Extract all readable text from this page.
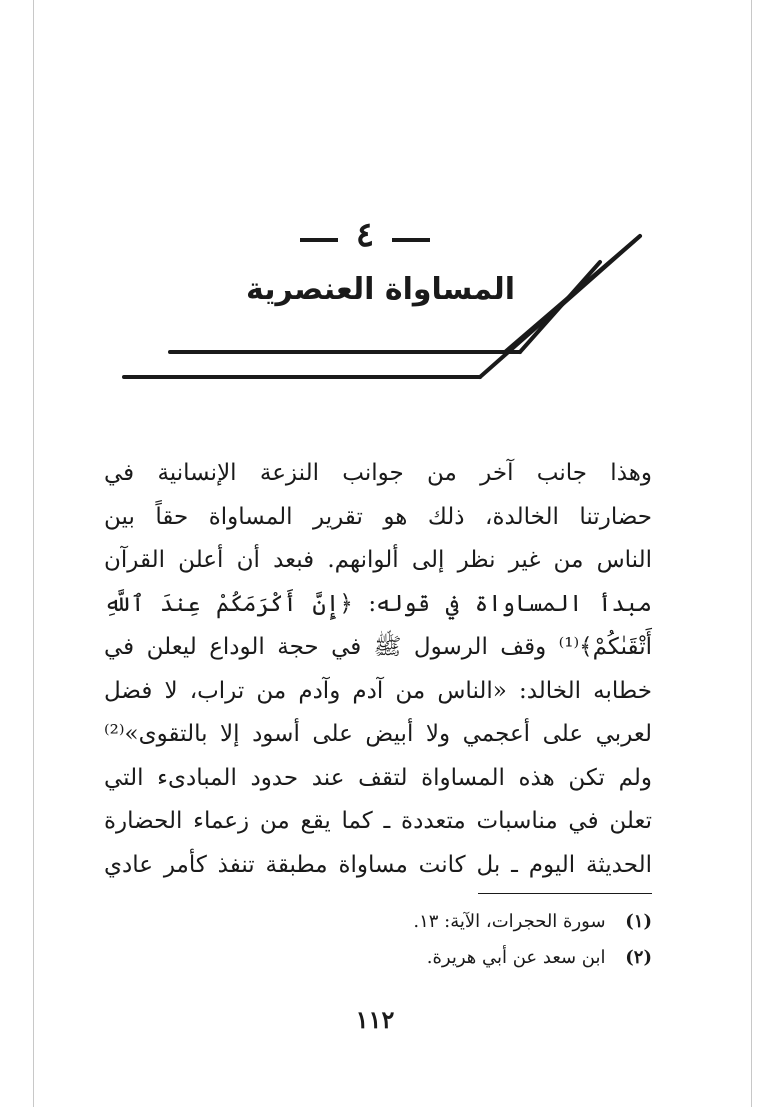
٤
المساواة العنصرية
وهذا جانب آخر من جوانب النزعة الإنسانية في
حضارتنا الخالدة، ذلك هو تقرير المساواة حقاً بين
الناس من غير نظر إلى ألوانهم. فبعد أن أعلن القرآن
مبدأ المساواة في قوله: ﴿إِنَّ أَكْرَمَكُمْ عِندَ ٱللَّهِ
أَتْقَىٰكُمْ﴾⁽¹⁾ وقف الرسول ﷺ في حجة الوداع ليعلن في
خطابه الخالد: «الناس من آدم وآدم من تراب، لا فضل
لعربي على أعجمي ولا أبيض على أسود إلا بالتقوى»⁽²⁾
ولم تكن هذه المساواة لتقف عند حدود المبادىء التي
تعلن في مناسبات متعددة ـ كما يقع من زعماء الحضارة
الحديثة اليوم ـ بل كانت مساواة مطبقة تنفذ كأمر عادي
(١) سورة الحجرات، الآية: ١٣.
(٢) ابن سعد عن أبي هريرة.
١١٢
